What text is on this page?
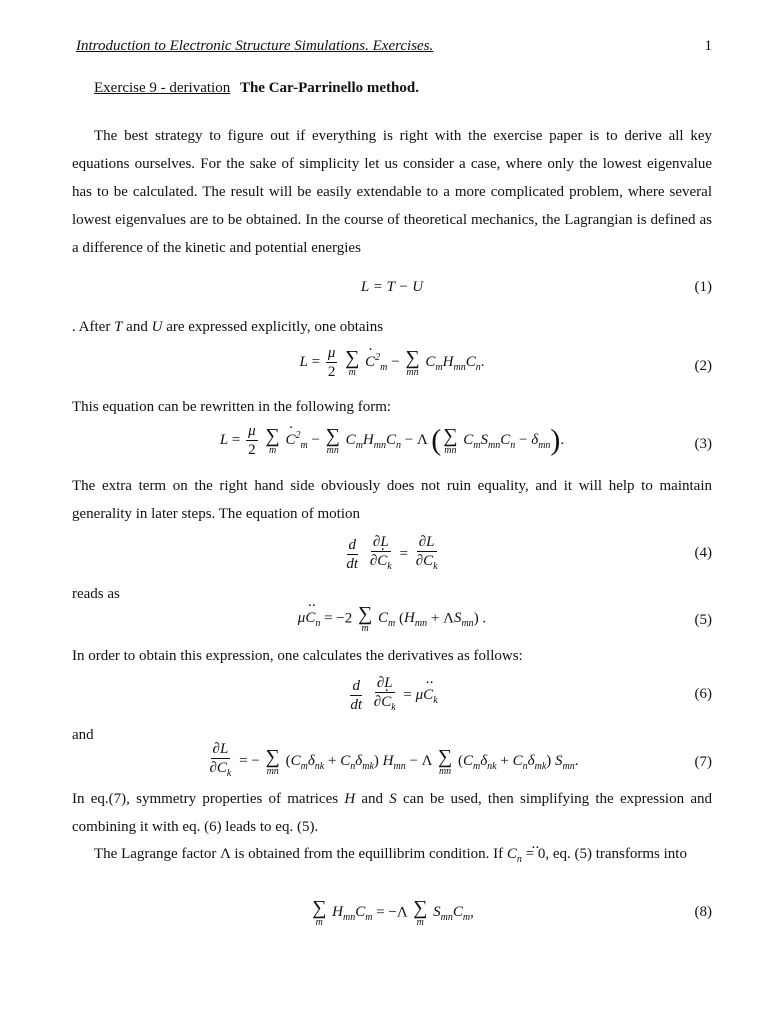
Introduction to Electronic Structure Simulations. Exercises.	1
Exercise 9 - derivation The Car-Parrinello method.
The best strategy to figure out if everything is right with the exercise paper is to derive all key equations ourselves. For the sake of simplicity let us consider a case, where only the lowest eigenvalue has to be calculated. The result will be easily extendable to a more complicated problem, where several lowest eigenvalues are to be obtained. In the course of theoretical mechanics, the Lagrangian is defined as a difference of the kinetic and potential energies
L = T − U	(1)
. After T and U are expressed explicitly, one obtains
$L = \frac{\mu}{2}$
∑
m
· $C^2_m$ − ∑
mn
$C_mH_{mn}C_n$.	(2)
This equation can be rewritten in the following form:
$L = \frac{\mu}{2}$
∑
m
· $C^2_m$ − ∑
mn
$C_mH_{mn}C_n - \Lambda$ ( ∑
mn
$C_mS_{mn}C_n - \delta_{mn}$).	(3)
The extra term on the right hand side obviously does not ruin equality, and it will help to maintain generality in later steps. The equation of motion
$\frac{d}{dt}$
$\frac{\partial L}{\partial\cdot C_k} = \frac{\partial L}{\partial C_k}$	(4)
reads as
$\mu\cdot\cdot C_n = -2$ ∑
m
$C_m$ $(H_{mn} + \Lambda S_{mn})$ .	(5)
In order to obtain this expression, one calculates the derivatives as follows:
$\frac{d}{dt}$
$\frac{\partial L}{\partial\cdot C_k} = \mu\cdot\cdot C_k$	(6)
and
$\frac{\partial L}{\partial C_k}$ = − ∑
mn
$(C_m\delta_{nk} + C_n\delta_{mk}) H_{mn} - \Lambda$ ∑
mn
$(C_m\delta_{nk} + C_n\delta_{mk})$ $S_{mn}$.	(7)
In eq.(7), symmetry properties of matrices H and S can be used, then simplifying the expression and combining it with eq. (6) leads to eq. (5).
The Lagrange factor Λ is obtained from the equillibrim condition. $If \cdot\cdot C_n = 0$, eq. (5) transforms into
∑
m
$H_{mn}C_m = -\Lambda$ ∑
m
$S_{mn}C_m$,	(8)
